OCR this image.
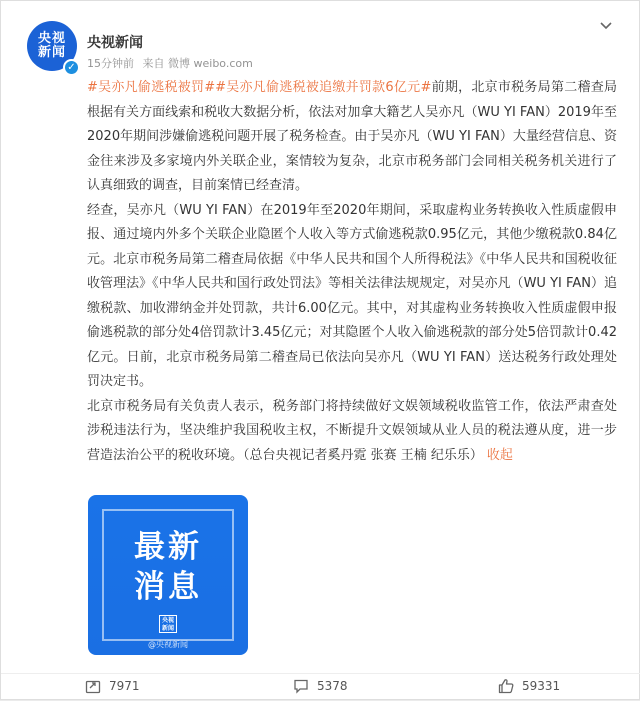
央视
新闻
✓
央视新闻
15分钟前 来自 微博 weibo.com

#吴亦凡偷逃税被罚##吴亦凡偷逃税被追缴并罚款6亿元#前期，北京市税务局第二稽查局根据有关方面线索和税收大数据分析，依法对加拿大籍艺人吴亦凡（WU YI FAN）2019年至2020年期间涉嫌偷逃税问题开展了税务检查。由于吴亦凡（WU YI FAN）大量经营信息、资金往来涉及多家境内外关联企业，案情较为复杂，北京市税务部门会同相关税务机关进行了认真细致的调查，目前案情已经查清。

经查，吴亦凡（WU YI FAN）在2019年至2020年期间，采取虚构业务转换收入性质虚假申报、通过境内外多个关联企业隐匿个人收入等方式偷逃税款0.95亿元，其他少缴税款0.84亿元。北京市税务局第二稽查局依据《中华人民共和国个人所得税法》《中华人民共和国税收征收管理法》《中华人民共和国行政处罚法》等相关法律法规规定，对吴亦凡（WU YI FAN）追缴税款、加收滞纳金并处罚款，共计6.00亿元。其中，对其虚构业务转换收入性质虚假申报偷逃税款的部分处4倍罚款计3.45亿元；对其隐匿个人收入偷逃税款的部分处5倍罚款计0.42亿元。日前，北京市税务局第二稽查局已依法向吴亦凡（WU YI FAN）送达税务行政处理处罚决定书。

北京市税务局有关负责人表示，税务部门将持续做好文娱领域税收监管工作，依法严肃查处涉税违法行为，坚决维护我国税收主权，不断提升文娱领域从业人员的税法遵从度，进一步营造法治公平的税收环境。（总台央视记者奚丹霓 张赛 王楠 纪乐乐） 收起

最新
消息
央视
新闻
@央视新闻
7971	5378	59331
